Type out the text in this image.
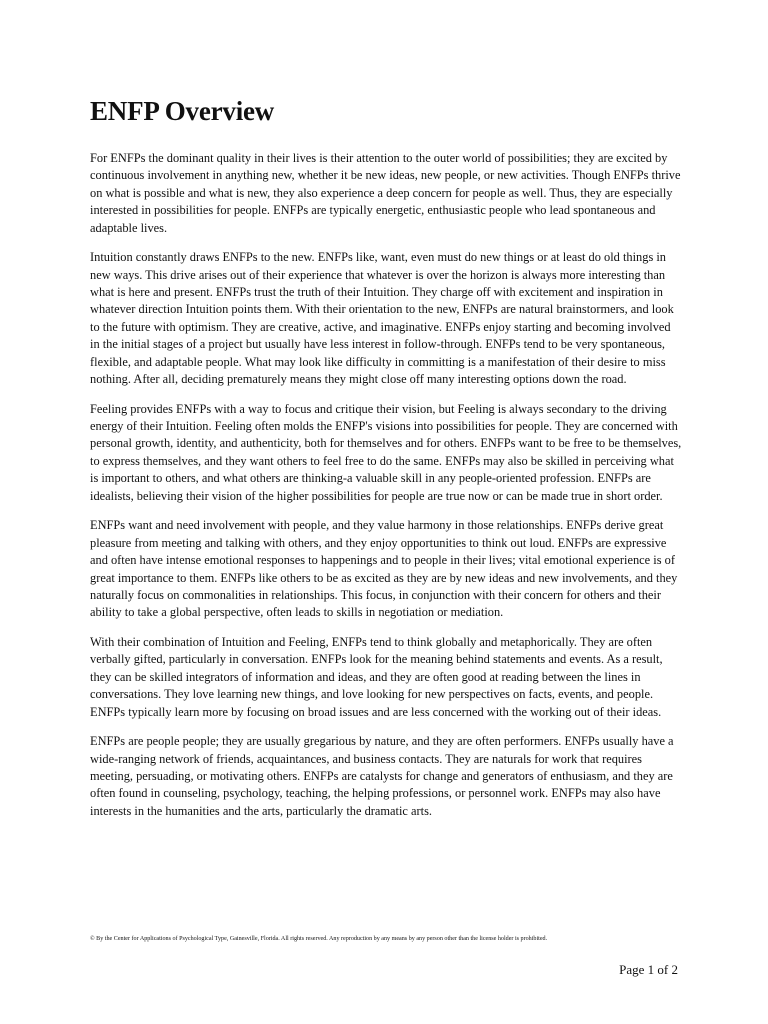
ENFP Overview

For ENFPs the dominant quality in their lives is their attention to the outer world of possibilities; they are excited by continuous involvement in anything new, whether it be new ideas, new people, or new activities. Though ENFPs thrive on what is possible and what is new, they also experience a deep concern for people as well. Thus, they are especially interested in possibilities for people. ENFPs are typically energetic, enthusiastic people who lead spontaneous and adaptable lives.

Intuition constantly draws ENFPs to the new. ENFPs like, want, even must do new things or at least do old things in new ways. This drive arises out of their experience that whatever is over the horizon is always more interesting than what is here and present. ENFPs trust the truth of their Intuition. They charge off with excitement and inspiration in whatever direction Intuition points them. With their orientation to the new, ENFPs are natural brainstormers, and look to the future with optimism. They are creative, active, and imaginative. ENFPs enjoy starting and becoming involved in the initial stages of a project but usually have less interest in follow-through. ENFPs tend to be very spontaneous, flexible, and adaptable people. What may look like difficulty in committing is a manifestation of their desire to miss nothing. After all, deciding prematurely means they might close off many interesting options down the road.

Feeling provides ENFPs with a way to focus and critique their vision, but Feeling is always secondary to the driving energy of their Intuition. Feeling often molds the ENFP's visions into possibilities for people. They are concerned with personal growth, identity, and authenticity, both for themselves and for others. ENFPs want to be free to be themselves, to express themselves, and they want others to feel free to do the same. ENFPs may also be skilled in perceiving what is important to others, and what others are thinking-a valuable skill in any people-oriented profession. ENFPs are idealists, believing their vision of the higher possibilities for people are true now or can be made true in short order.

ENFPs want and need involvement with people, and they value harmony in those relationships. ENFPs derive great pleasure from meeting and talking with others, and they enjoy opportunities to think out loud. ENFPs are expressive and often have intense emotional responses to happenings and to people in their lives; vital emotional experience is of great importance to them. ENFPs like others to be as excited as they are by new ideas and new involvements, and they naturally focus on commonalities in relationships. This focus, in conjunction with their concern for others and their ability to take a global perspective, often leads to skills in negotiation or mediation.

With their combination of Intuition and Feeling, ENFPs tend to think globally and metaphorically. They are often verbally gifted, particularly in conversation. ENFPs look for the meaning behind statements and events. As a result, they can be skilled integrators of information and ideas, and they are often good at reading between the lines in conversations. They love learning new things, and love looking for new perspectives on facts, events, and people. ENFPs typically learn more by focusing on broad issues and are less concerned with the working out of their ideas.

ENFPs are people people; they are usually gregarious by nature, and they are often performers. ENFPs usually have a wide-ranging network of friends, acquaintances, and business contacts. They are naturals for work that requires meeting, persuading, or motivating others. ENFPs are catalysts for change and generators of enthusiasm, and they are often found in counseling, psychology, teaching, the helping professions, or personnel work. ENFPs may also have interests in the humanities and the arts, particularly the dramatic arts.

© By the Center for Applications of Psychological Type, Gainesville, Florida. All rights reserved. Any reproduction by any means by any person other than the license holder is prohibited.
Page 1 of 2
